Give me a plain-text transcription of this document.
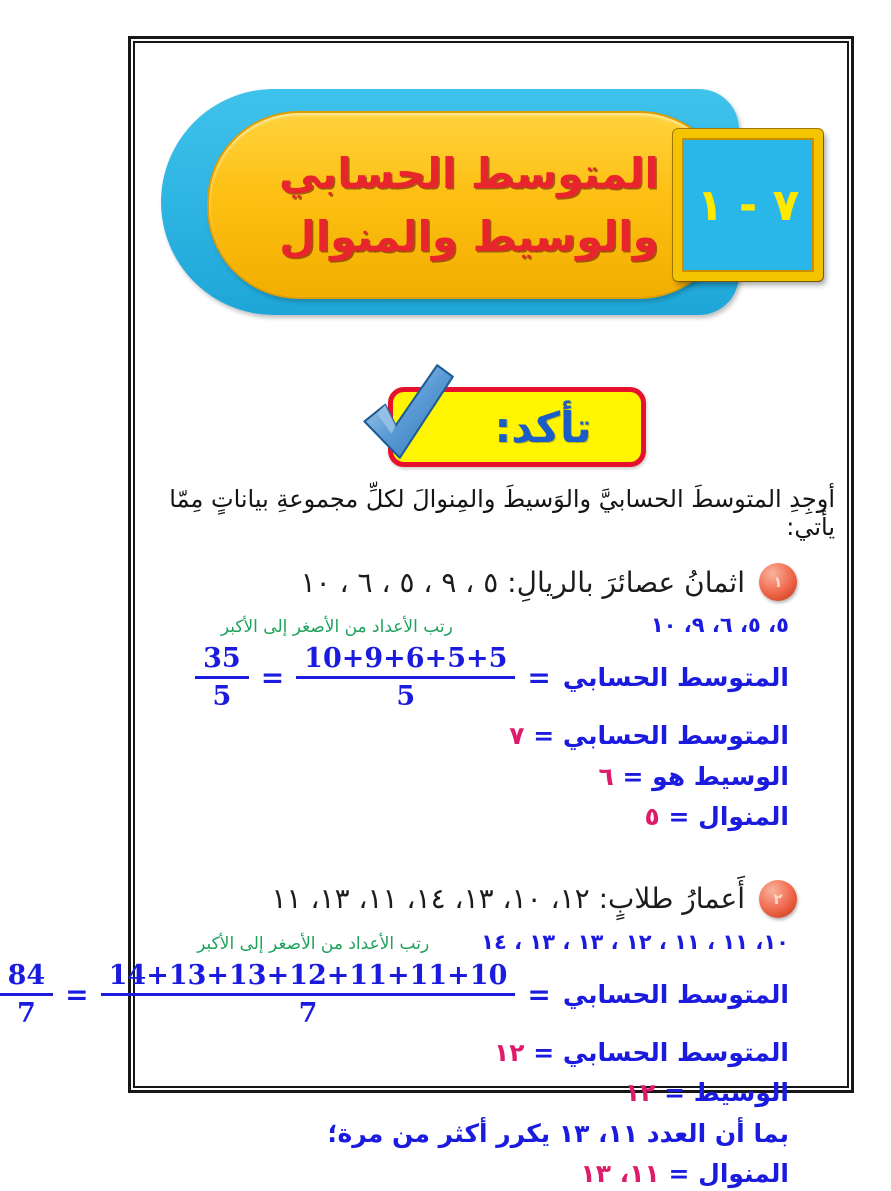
المتوسط الحسابي
والوسيط والمنوال
٧ - ١
تأكد:
أوجِدِ المتوسطَ الحسابيَّ والوَسيطَ والمِنوالَ لكلِّ مجموعةِ بياناتٍ مِمّا يأتي:
١
اثمانُ عصائرَ بالريالِ: ٥ ، ٩ ، ٥ ، ٦ ، ١٠
٥، ٥، ٦، ٩، ١٠
رتب الأعداد من الأصغر إلى الأكبر
المتوسط الحسابي
=
$\frac{10+9+6+5+5}{5}$
=
$\frac{35}{5}$
المتوسط الحسابي = ٧
الوسيط هو = ٦
المنوال = ٥
٢
أَعمارُ طلابٍ: ١٢، ١٠، ١٣، ١٤، ١١، ١٣، ١١
١٠، ١١ ، ١١ ، ١٢ ، ١٣ ، ١٣ ، ١٤
رتب الأعداد من الأصغر إلى الأكبر
المتوسط الحسابي
=
$\frac{14+13+13+12+11+11+10}{7}$
=
$\frac{84}{7}$
المتوسط الحسابي = ١٢
الوسيط = ١٢
بما أن العدد ١١، ١٣ يكرر أكثر من مرة؛
المنوال = ١١، ١٣
